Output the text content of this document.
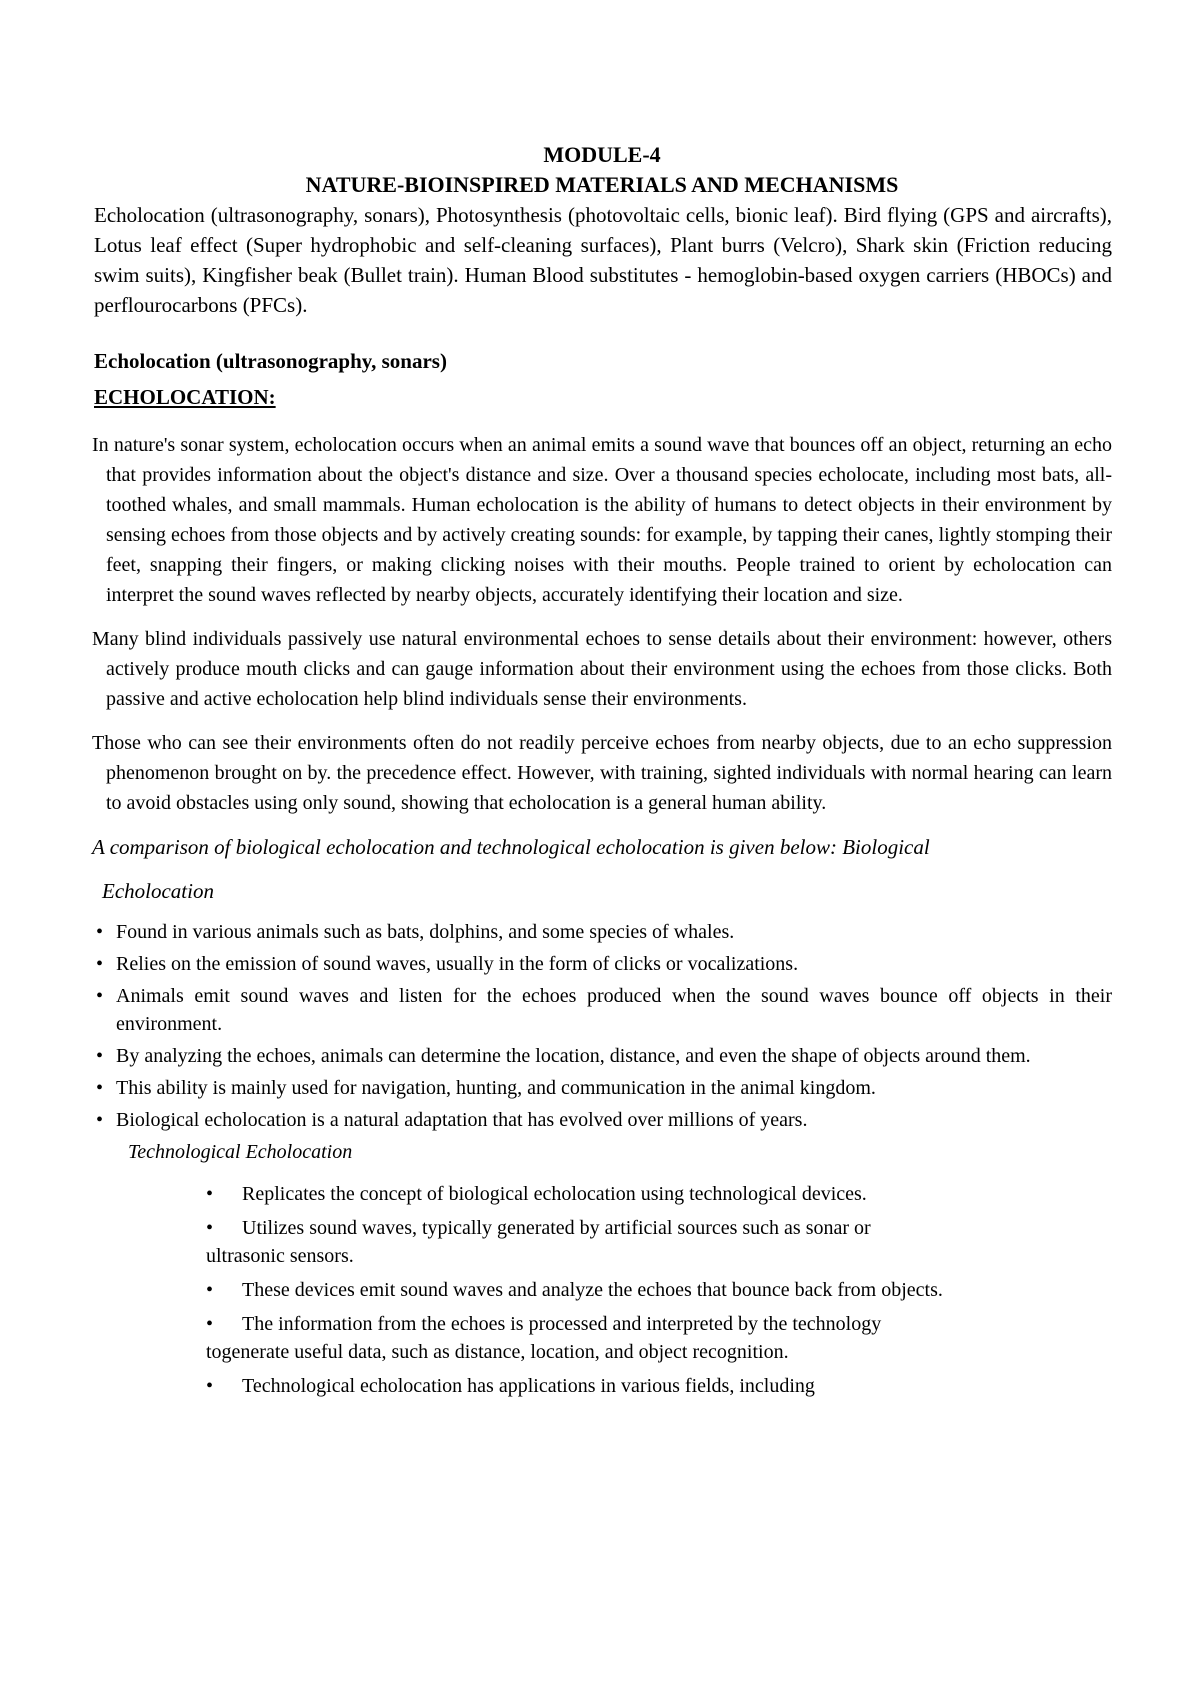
MODULE-4
NATURE-BIOINSPIRED MATERIALS AND MECHANISMS

Echolocation (ultrasonography, sonars), Photosynthesis (photovoltaic cells, bionic leaf). Bird flying (GPS and aircrafts), Lotus leaf effect (Super hydrophobic and self-cleaning surfaces), Plant burrs (Velcro), Shark skin (Friction reducing swim suits), Kingfisher beak (Bullet train). Human Blood substitutes - hemoglobin-based oxygen carriers (HBOCs) and perflourocarbons (PFCs).

Echolocation (ultrasonography, sonars)
ECHOLOCATION:

In nature's sonar system, echolocation occurs when an animal emits a sound wave that bounces off an object, returning an echo that provides information about the object's distance and size. Over a thousand species echolocate, including most bats, all-toothed whales, and small mammals. Human echolocation is the ability of humans to detect objects in their environment by sensing echoes from those objects and by actively creating sounds: for example, by tapping their canes, lightly stomping their feet, snapping their fingers, or making clicking noises with their mouths. People trained to orient by echolocation can interpret the sound waves reflected by nearby objects, accurately identifying their location and size.

Many blind individuals passively use natural environmental echoes to sense details about their environment: however, others actively produce mouth clicks and can gauge information about their environment using the echoes from those clicks. Both passive and active echolocation help blind individuals sense their environments.

Those who can see their environments often do not readily perceive echoes from nearby objects, due to an echo suppression phenomenon brought on by. the precedence effect. However, with training, sighted individuals with normal hearing can learn to avoid obstacles using only sound, showing that echolocation is a general human ability.

A comparison of biological echolocation and technological echolocation is given below: Biological

Echolocation

• Found in various animals such as bats, dolphins, and some species of whales.
• Relies on the emission of sound waves, usually in the form of clicks or vocalizations.
• Animals emit sound waves and listen for the echoes produced when the sound waves bounce off objects in their environment.
• By analyzing the echoes, animals can determine the location, distance, and even the shape of objects around them.
• This ability is mainly used for navigation, hunting, and communication in the animal kingdom.
• Biological echolocation is a natural adaptation that has evolved over millions of years.
Technological Echolocation
• Replicates the concept of biological echolocation using technological devices.
• Utilizes sound waves, typically generated by artificial sources such as sonar or
ultrasonic sensors.
• These devices emit sound waves and analyze the echoes that bounce back from objects.
• The information from the echoes is processed and interpreted by the technology
togenerate useful data, such as distance, location, and object recognition.
• Technological echolocation has applications in various fields, including
